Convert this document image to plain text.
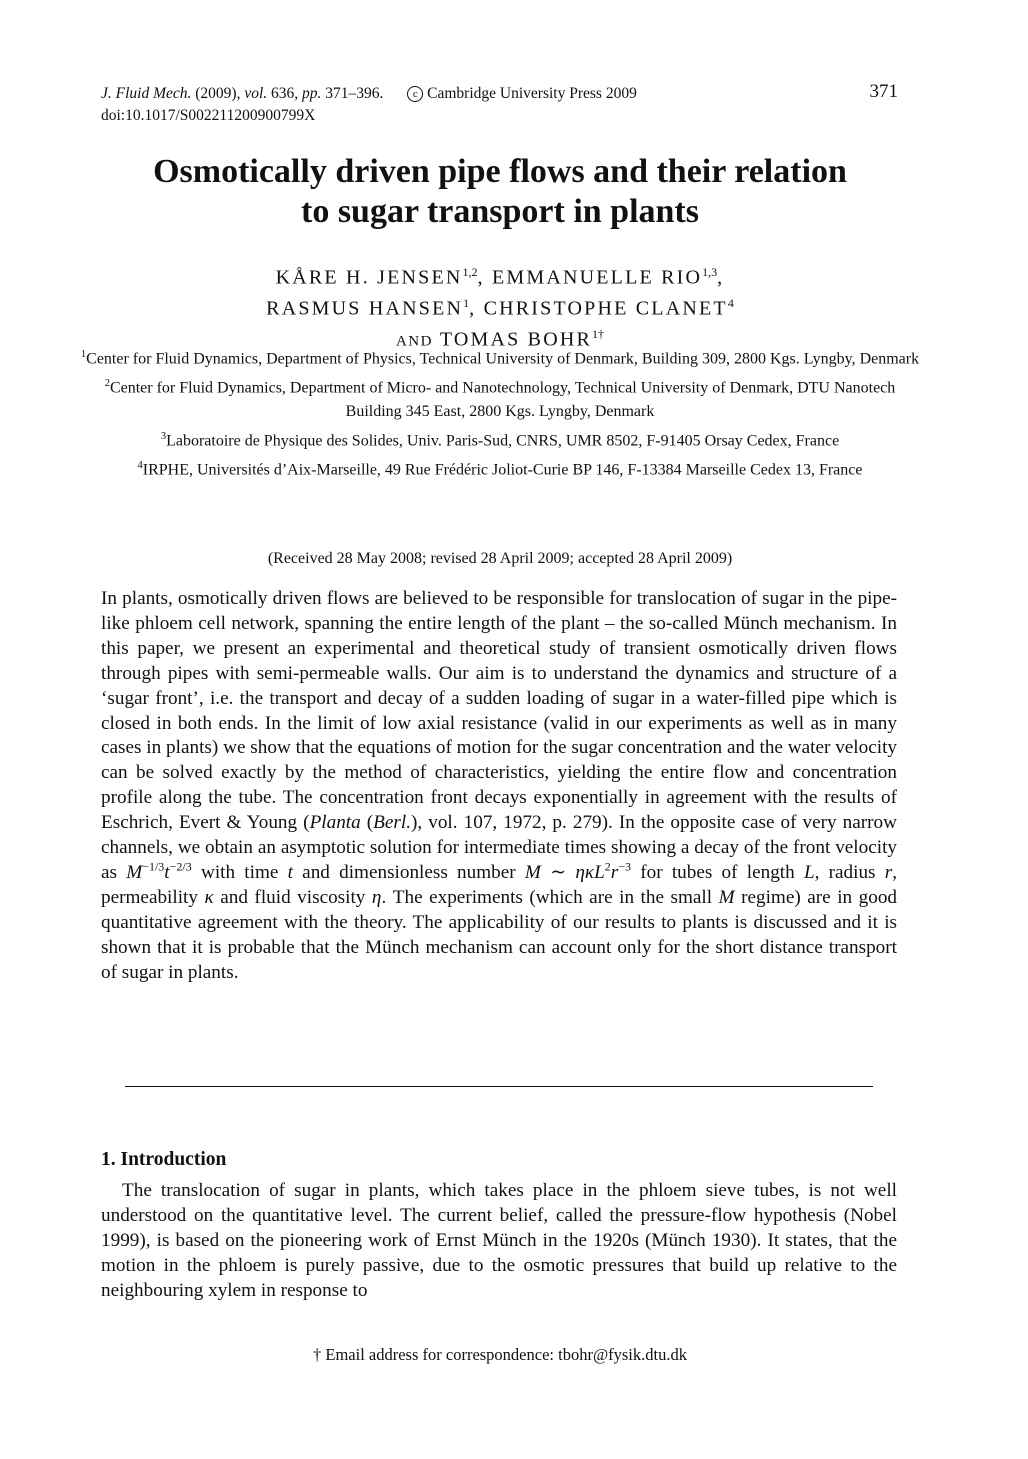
J. Fluid Mech. (2009), vol. 636, pp. 371–396.	c Cambridge University Press 2009
doi:10.1017/S002211200900799X
371
Osmotically driven pipe flows and their relation
to sugar transport in plants
KÅRE H. JENSEN$^{1,2}$, EMMANUELLE RIO$^{1,3}$,
RASMUS HANSEN$^1$, CHRISTOPHE CLANET$^4$
AND TOMAS $BOHR^{1\dagger}$
$^1$Center for Fluid Dynamics, Department of Physics, Technical University of Denmark, Building 309, 2800 Kgs. Lyngby, Denmark
$^2$Center for Fluid Dynamics, Department of Micro- and Nanotechnology, Technical University of Denmark, DTU Nanotech Building 345 East, 2800 Kgs. Lyngby, Denmark
$^3$Laboratoire de Physique des Solides, Univ. Paris-Sud, CNRS, UMR 8502, F-91405 Orsay Cedex, France
$^4$IRPHE, Universités d’Aix-Marseille, 49 Rue Frédéric Joliot-Curie BP 146, F-13384 Marseille Cedex 13, France
(Received 28 May 2008; revised 28 April 2009; accepted 28 April 2009)
In plants, osmotically driven flows are believed to be responsible for translocation of sugar in the pipe-like phloem cell network, spanning the entire length of the plant – the so-called Münch mechanism. In this paper, we present an experimental and theoretical study of transient osmotically driven flows through pipes with semi-permeable walls. Our aim is to understand the dynamics and structure of a ‘sugar front’, i.e. the transport and decay of a sudden loading of sugar in a water-filled pipe which is closed in both ends. In the limit of low axial resistance (valid in our experiments as well as in many cases in plants) we show that the equations of motion for the sugar concentration and the water velocity can be solved exactly by the method of characteristics, yielding the entire flow and concentration profile along the tube. The concentration front decays exponentially in agreement with the results of Eschrich, Evert & Young (Planta (Berl.), vol. 107, 1972, p. 279). In the opposite case of very narrow channels, we obtain an asymptotic solution for intermediate times showing a decay of the front velocity as $M^{-1/3}t^{-2/3}$ with time t and dimensionless number M ∼ $\eta\kappa L^2r^{-3}$ for tubes of length L, radius r, permeability κ and fluid viscosity η. The experiments (which are in the small M regime) are in good quantitative agreement with the theory. The applicability of our results to plants is discussed and it is shown that it is probable that the Münch mechanism can account only for the short distance transport of sugar in plants.
1. Introduction
The translocation of sugar in plants, which takes place in the phloem sieve tubes, is not well understood on the quantitative level. The current belief, called the pressure-flow hypothesis (Nobel 1999), is based on the pioneering work of Ernst Münch in the 1920s (Münch 1930). It states, that the motion in the phloem is purely passive, due to the osmotic pressures that build up relative to the neighbouring xylem in response to
† Email address for correspondence: tbohr@fysik.dtu.dk
